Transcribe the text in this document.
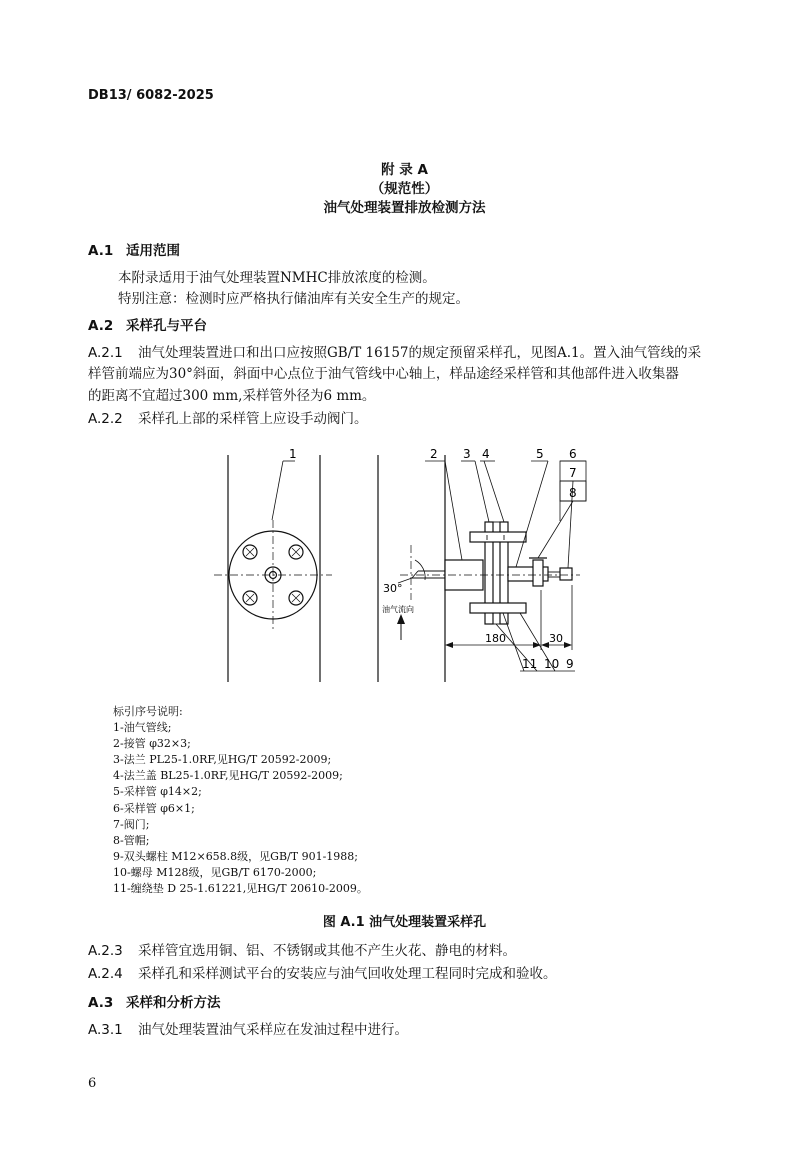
DB13/ 6082-2025
附 录 A
（规范性）
油气处理装置排放检测方法
A.1 适用范围
本附录适用于油气处理装置NMHC排放浓度的检测。
特别注意：检测时应严格执行储油库有关安全生产的规定。
A.2 采样孔与平台
A.2.1 油气处理装置进口和出口应按照GB/T 16157的规定预留采样孔，见图A.1。置入油气管线的采
样管前端应为30°斜面，斜面中心点位于油气管线中心轴上，样品途经采样管和其他部件进入收集器
的距离不宜超过300 mm,采样管外径为6 mm。
A.2.2 采样孔上部的采样管上应设手动阀门。
1	2 3 4	5 6
7
8
30°
油气流向
180	30
11 10 9
标引序号说明:
1-油气管线;
2-接管 φ32×3;
3-法兰 PL25-1.0RF,见HG/T 20592-2009;
4-法兰盖 BL25-1.0RF,见HG/T 20592-2009;
5-采样管 φ14×2;
6-采样管 φ6×1;
7-阀门;
8-管帽;
9-双头螺柱 M12×658.8级，见GB/T 901-1988;
10-螺母 M128级，见GB/T 6170-2000;
11-缠绕垫 D 25-1.61221,见HG/T 20610-2009。
图 A.1 油气处理装置采样孔
A.2.3 采样管宜选用铜、铝、不锈钢或其他不产生火花、静电的材料。
A.2.4 采样孔和采样测试平台的安装应与油气回收处理工程同时完成和验收。
A.3 采样和分析方法
A.3.1 油气处理装置油气采样应在发油过程中进行。
6
